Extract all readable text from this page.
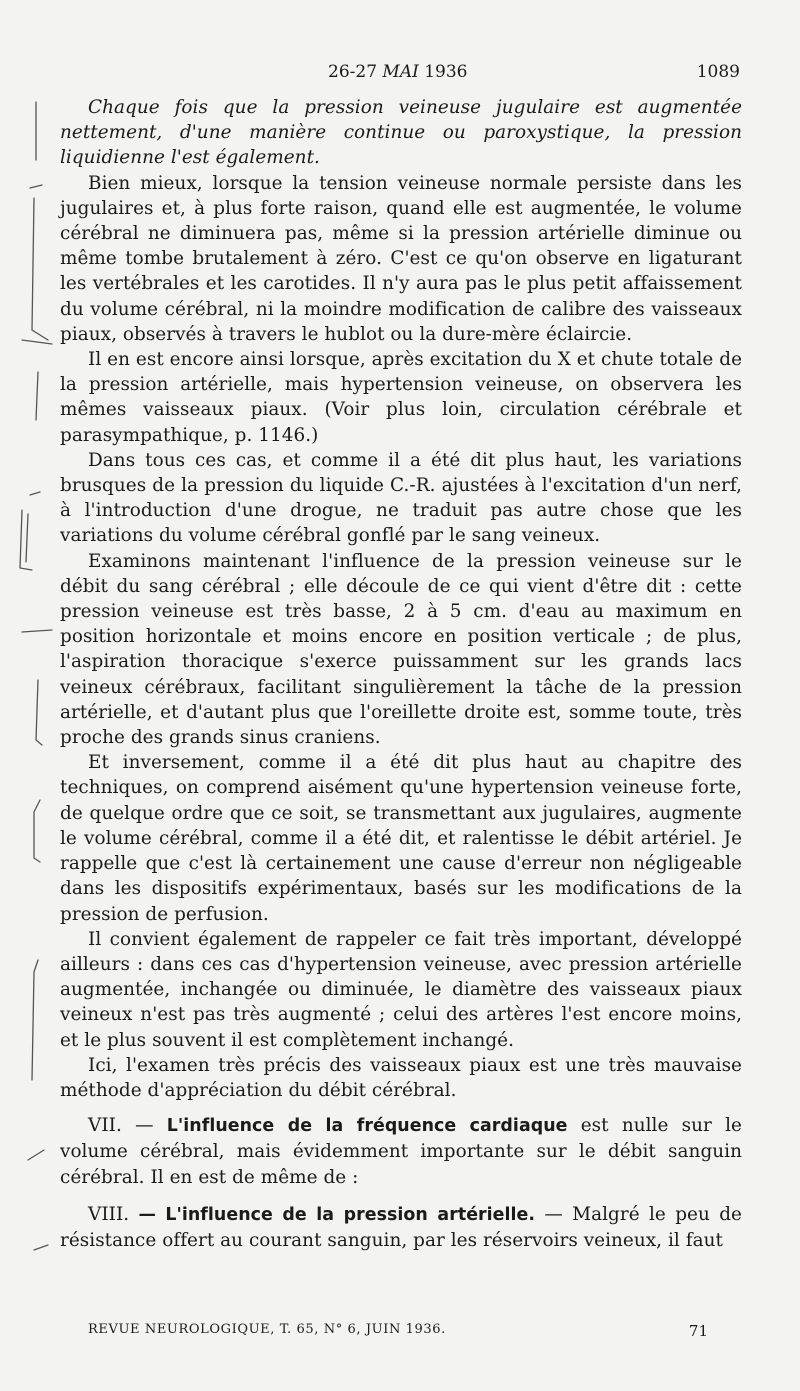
26-27 MAI 1936	1089

Chaque fois que la pression veineuse jugulaire est augmentée nettement, d'une manière continue ou paroxystique, la pression liquidienne l'est également.

Bien mieux, lorsque la tension veineuse normale persiste dans les jugulaires et, à plus forte raison, quand elle est augmentée, le volume cérébral ne diminuera pas, même si la pression artérielle diminue ou même tombe brutalement à zéro. C'est ce qu'on observe en ligaturant les vertébrales et les carotides. Il n'y aura pas le plus petit affaissement du volume cérébral, ni la moindre modification de calibre des vaisseaux piaux, observés à travers le hublot ou la dure-mère éclaircie.

Il en est encore ainsi lorsque, après excitation du X et chute totale de la pression artérielle, mais hypertension veineuse, on observera les mêmes vaisseaux piaux. (Voir plus loin, circulation cérébrale et parasympathique, p. 1146.)

Dans tous ces cas, et comme il a été dit plus haut, les variations brusques de la pression du liquide C.-R. ajustées à l'excitation d'un nerf, à l'introduction d'une drogue, ne traduit pas autre chose que les variations du volume cérébral gonflé par le sang veineux.

Examinons maintenant l'influence de la pression veineuse sur le débit du sang cérébral ; elle découle de ce qui vient d'être dit : cette pression veineuse est très basse, 2 à 5 cm. d'eau au maximum en position horizontale et moins encore en position verticale ; de plus, l'aspiration thoracique s'exerce puissamment sur les grands lacs veineux cérébraux, facilitant singulièrement la tâche de la pression artérielle, et d'autant plus que l'oreillette droite est, somme toute, très proche des grands sinus craniens.

Et inversement, comme il a été dit plus haut au chapitre des techniques, on comprend aisément qu'une hypertension veineuse forte, de quelque ordre que ce soit, se transmettant aux jugulaires, augmente le volume cérébral, comme il a été dit, et ralentisse le débit artériel. Je rappelle que c'est là certainement une cause d'erreur non négligeable dans les dispositifs expérimentaux, basés sur les modifications de la pression de perfusion.

Il convient également de rappeler ce fait très important, développé ailleurs : dans ces cas d'hypertension veineuse, avec pression artérielle augmentée, inchangée ou diminuée, le diamètre des vaisseaux piaux veineux n'est pas très augmenté ; celui des artères l'est encore moins, et le plus souvent il est complètement inchangé.

Ici, l'examen très précis des vaisseaux piaux est une très mauvaise méthode d'appréciation du débit cérébral.

VII. — L'influence de la fréquence cardiaque est nulle sur le volume cérébral, mais évidemment importante sur le débit sanguin cérébral. Il en est de même de :

VIII. — L'influence de la pression artérielle. — Malgré le peu de résistance offert au courant sanguin, par les réservoirs veineux, il faut

REVUE NEUROLOGIQUE, T. 65, N° 6, JUIN 1936.	71
